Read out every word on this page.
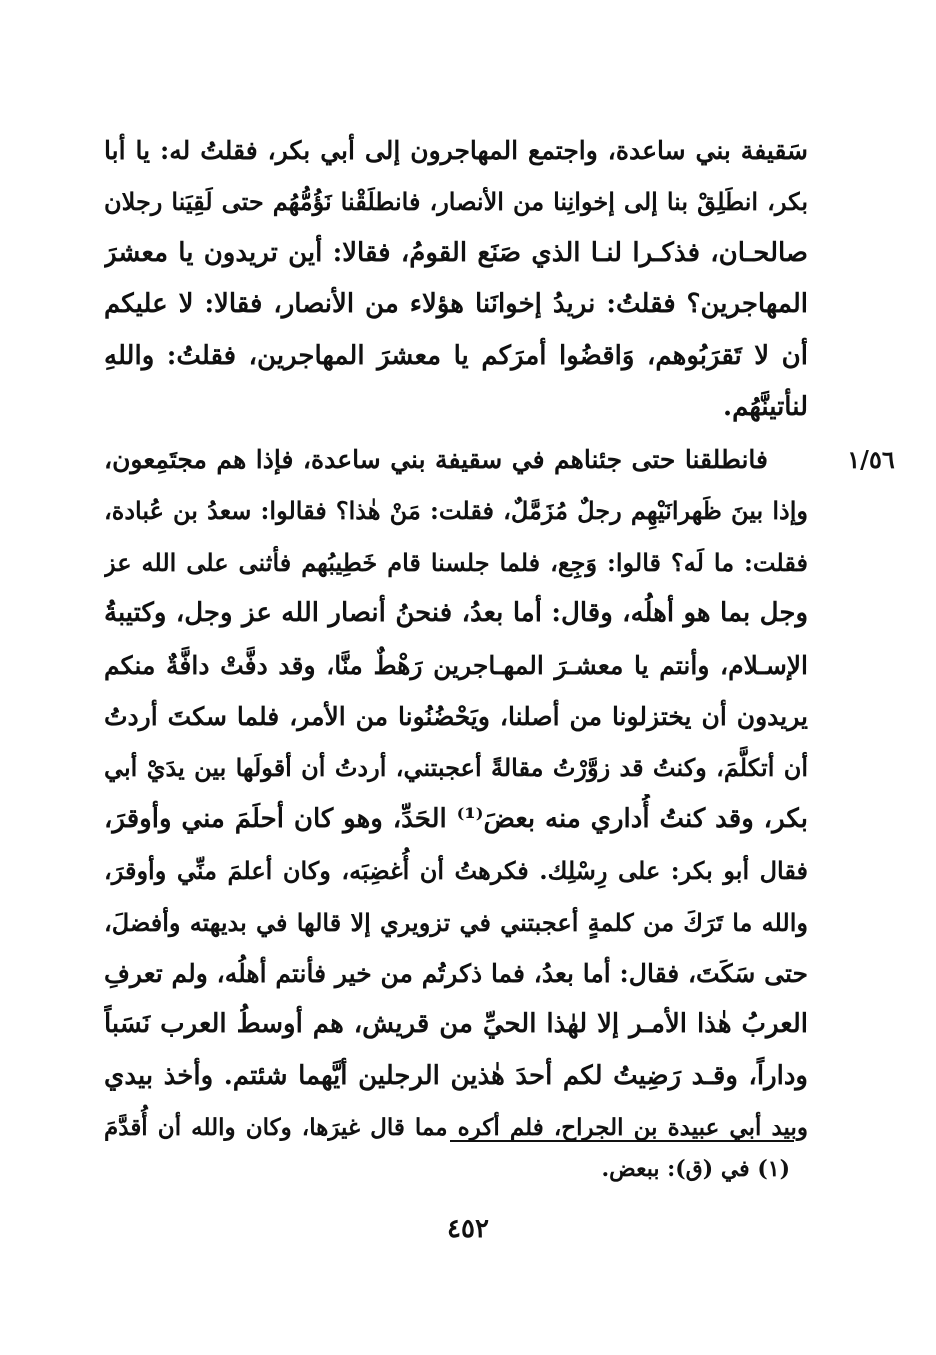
سَقيفة بني ساعدة، واجتمع المهاجرون إلى أبي بكر، فقلتُ له: يا أبا
بكر، انطَلِقْ بنا إلى إخوانِنا من الأنصار، فانطلَقْنا نَؤُمُّهُم حتى لَقِيَنا رجلان
صالحـان، فذكـرا لنـا الذي صَنَع القومُ، فقالا: أين تريدون يا معشرَ
المهاجرين؟ فقلتُ: نريدُ إخوانَنا هؤلاء من الأنصار، فقالا: لا عليكم
أن لا تَقرَبُوهم، وَاقضُوا أمرَكم يا معشرَ المهاجرين، فقلتُ: واللهِ
لنأتينَّهُم.
١/٥٦
فانطلقنا حتى جئناهم في سقيفة بني ساعدة، فإذا هم مجتَمِعون،
وإذا بينَ ظَهرانَيْهِم رجلٌ مُزَمَّلٌ، فقلت: مَنْ هٰذا؟ فقالوا: سعدُ بن عُبادة،
فقلت: ما لَه؟ قالوا: وَجِع، فلما جلسنا قام خَطِيبُهم فأثنى على الله عز
وجل بما هو أهلُه، وقال: أما بعدُ، فنحنُ أنصار الله عز وجل، وكتيبةُ
الإسـلام، وأنتم يا معشـرَ المهـاجرين رَهْطٌ منَّا، وقد دفَّتْ دافَّةٌ منكم
يريدون أن يختزلونا من أصلنا، ويَحْضُنُونا من الأمر، فلما سكتَ أردتُ
أن أتكلَّمَ، وكنتُ قد زوَّرْتُ مقالةً أعجبتني، أردتُ أن أقولَها بين يدَيْ أبي
بكر، وقد كنتُ أُداري منه بعضَ⁽¹⁾ الحَدِّ، وهو كان أحلَمَ مني وأوقرَ،
فقال أبو بكر: على رِسْلِك. فكرهتُ أن أُغضِبَه، وكان أعلمَ منِّي وأوقرَ،
والله ما تَرَكَ من كلمةٍ أعجبتني في تزويري إلا قالها في بديهته وأفضلَ،
حتى سَكَتَ، فقال: أما بعدُ، فما ذكرتُم من خير فأنتم أهلُه، ولم تعرفِ
العربُ هٰذا الأمـر إلا لهٰذا الحيِّ من قريش، هم أوسطُ العرب نَسَباً
وداراً، وقـد رَضِيتُ لكم أحدَ هٰذين الرجلين أيَّهما شئتم. وأخذ بيدي
وبيد أبي عبيدة بن الجراح، فلم أكره مما قال غيرَها، وكان والله أن أُقدَّمَ
(١) في (ق): ببعض.
٤٥٢
